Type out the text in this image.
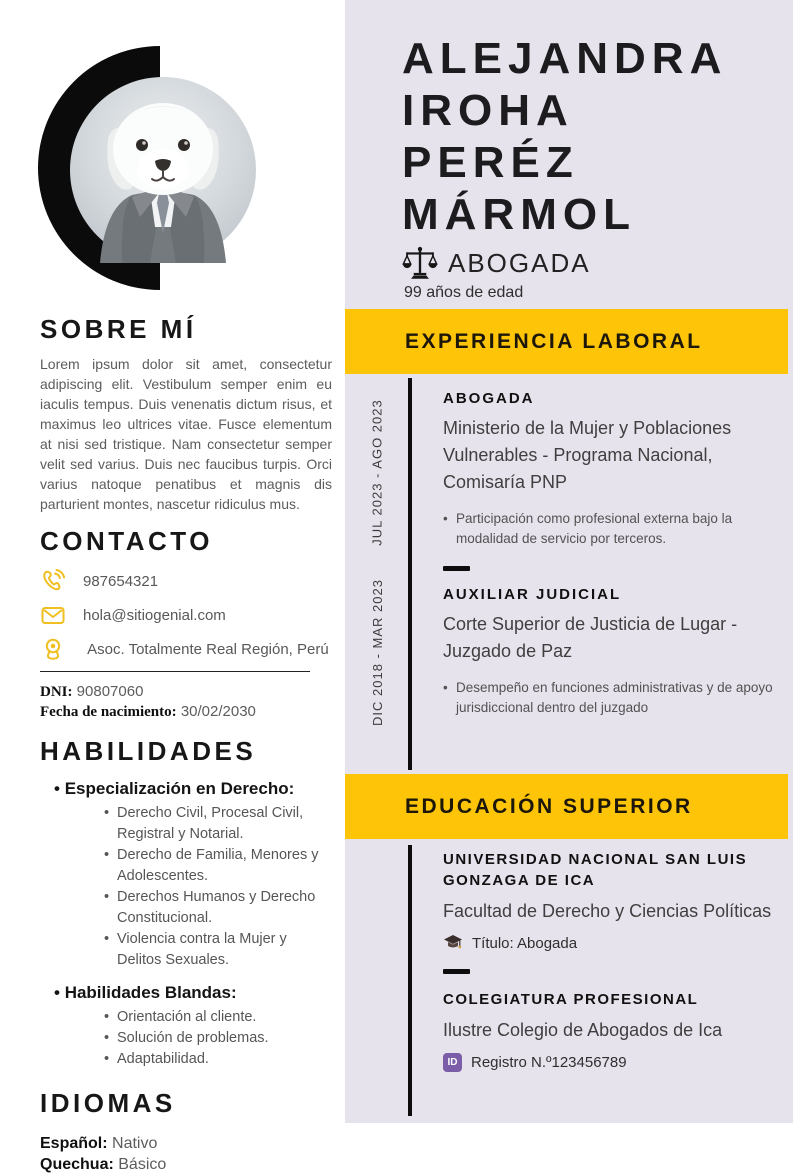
SOBRE MÍ

Lorem ipsum dolor sit amet, consectetur adipiscing elit. Vestibulum semper enim eu iaculis tempus. Duis venenatis dictum risus, et maximus leo ultrices vitae. Fusce elementum at nisi sed tristique. Nam consectetur semper velit sed varius. Duis nec faucibus turpis. Orci varius natoque penatibus et magnis dis parturient montes, nascetur ridiculus mus.

CONTACTO
987654321
hola@sitiogenial.com
Asoc. Totalmente Real Región, Perú
DNI: 90807060
Fecha de nacimiento: 30/02/2030
HABILIDADES
• Especialización en Derecho:
• Derecho Civil, Procesal Civil, Registral y Notarial.
• Derecho de Familia, Menores y Adolescentes.
• Derechos Humanos y Derecho Constitucional.
• Violencia contra la Mujer y Delitos Sexuales.
• Habilidades Blandas:
• Orientación al cliente.
• Solución de problemas.
• Adaptabilidad.
IDIOMAS
Español: Nativo
Quechua: Básico
ALEJANDRA
IROHA
PERÉZ
MÁRMOL
ABOGADA
99 años de edad
EXPERIENCIA LABORAL
JUL 2023 - AGO 2023
ABOGADA
Ministerio de la Mujer y Poblaciones Vulnerables - Programa Nacional, Comisaría PNP
• Participación como profesional externa bajo la modalidad de servicio por terceros.
DIC 2018 - MAR 2023	AUXILIAR JUDICIAL
Corte Superior de Justicia de Lugar - Juzgado de Paz
• Desempeño en funciones administrativas y de apoyo jurisdiccional dentro del juzgado
EDUCACIÓN SUPERIOR
UNIVERSIDAD NACIONAL SAN LUIS GONZAGA DE ICA
Facultad de Derecho y Ciencias Políticas
Título: Abogada
COLEGIATURA PROFESIONAL
Ilustre Colegio de Abogados de Ica
ID Registro N.º123456789
